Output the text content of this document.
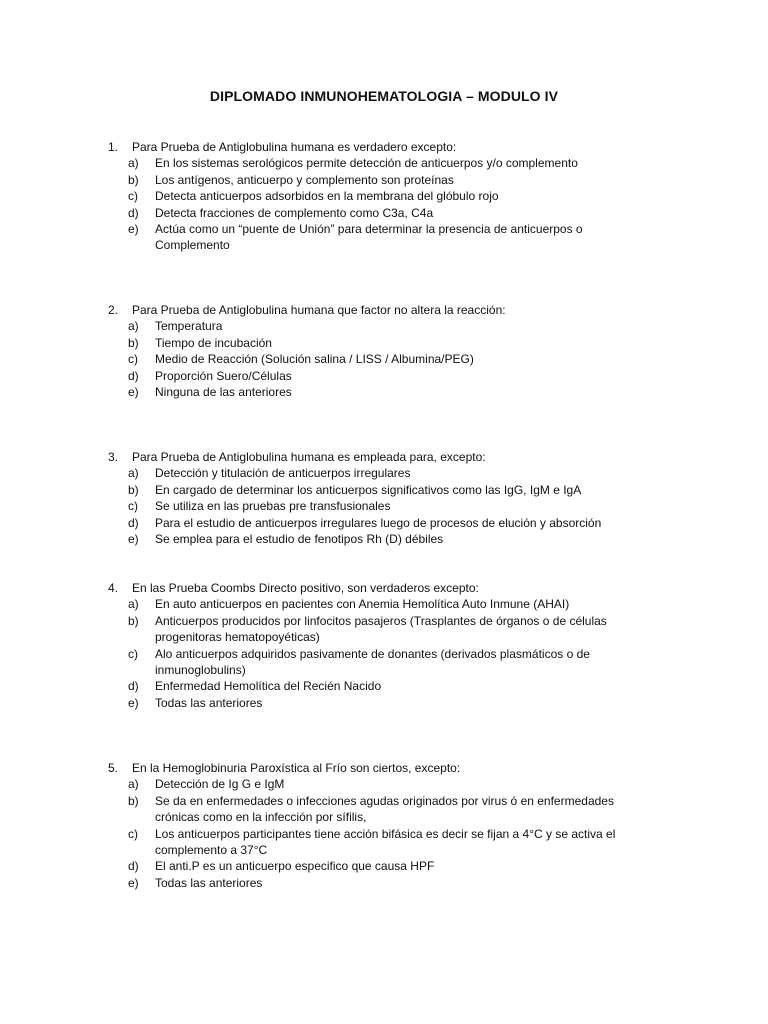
DIPLOMADO INMUNOHEMATOLOGIA – MODULO IV
1.	Para Prueba de Antiglobulina humana es verdadero excepto:
a)	En los sistemas serológicos permite detección de anticuerpos y/o complemento
b)	Los antígenos, anticuerpo y complemento son proteínas
c)	Detecta anticuerpos adsorbidos en la membrana del glóbulo rojo
d)	Detecta fracciones de complemento como C3a, C4a
e)	Actúa como un “puente de Unión” para determinar la presencia de anticuerpos o Complemento
2.	Para Prueba de Antiglobulina humana que factor no altera la reacción:
a)	Temperatura
b)	Tiempo de incubación
c)	Medio de Reacción (Solución salina / LISS / Albumina/PEG)
d)	Proporción Suero/Células
e)	Ninguna de las anteriores
3.	Para Prueba de Antiglobulina humana es empleada para, excepto:
a)	Detección y titulación de anticuerpos irregulares
b)	En cargado de determinar los anticuerpos significativos como las IgG, IgM e IgA
c)	Se utiliza en las pruebas pre transfusionales
d)	Para el estudio de anticuerpos irregulares luego de procesos de elución y absorción
e)	Se emplea para el estudio de fenotipos Rh (D) débiles
4.	En las Prueba Coombs Directo positivo, son verdaderos excepto:
a)	En auto anticuerpos en pacientes con Anemia Hemolítica Auto Inmune (AHAI)
b)	Anticuerpos producidos por linfocitos pasajeros (Trasplantes de órganos o de células progenitoras hematopoyéticas)
c)	Alo anticuerpos adquiridos pasivamente de donantes (derivados plasmáticos o de inmunoglobulins)
d)	Enfermedad Hemolítica del Recién Nacido
e)	Todas las anteriores
5.	En la Hemoglobinuria Paroxística al Frío son ciertos, excepto:
a)	Detección de Ig G e IgM
b)	Se da en enfermedades o infecciones agudas originados por virus ó en enfermedades crónicas como en la infección por sífilis,
c)	Los anticuerpos participantes tiene acción bifásica es decir se fijan a 4°C y se activa el complemento a 37°C
d)	El anti.P es un anticuerpo especifico que causa HPF
e)	Todas las anteriores
